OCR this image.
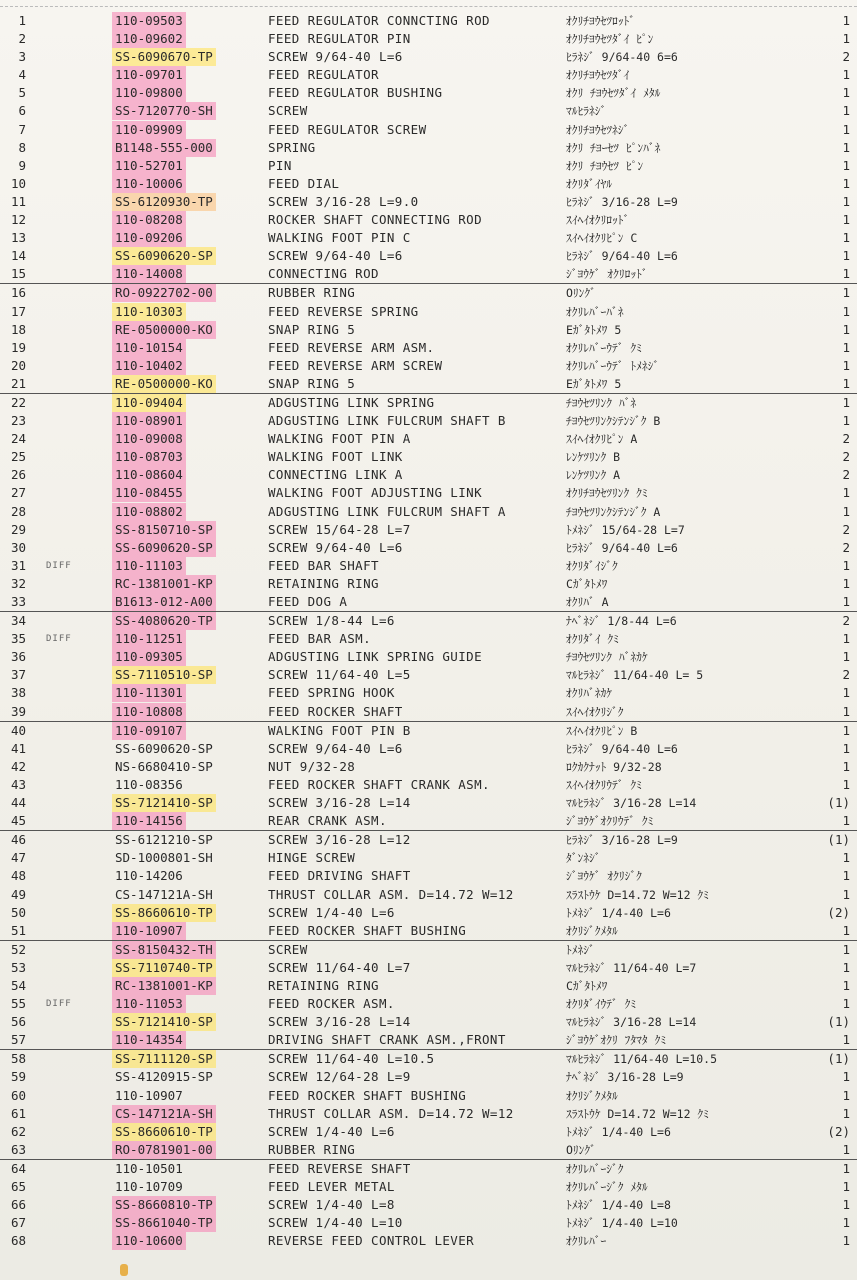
1	110-09503	FEED REGULATOR CONNCTING ROD	ｵｸﾘﾁﾖｳｾﾂﾛｯﾄﾞ	1
2	110-09602	FEED REGULATOR PIN	ｵｸﾘﾁﾖｳｾﾂﾀﾞｲ ﾋﾟﾝ	1
3	SS-6090670-TP	SCREW 9/64-40 L=6	ﾋﾗﾈｼﾞ 9/64-40 6=6	2
4	110-09701	FEED REGULATOR	ｵｸﾘﾁﾖｳｾﾂﾀﾞｲ	1
5	110-09800	FEED REGULATOR BUSHING	ｵｸﾘ ﾁﾖｳｾﾂﾀﾞｲ ﾒﾀﾙ	1
6	SS-7120770-SH	SCREW	ﾏﾙﾋﾗﾈｼﾞ	1
7	110-09909	FEED REGULATOR SCREW	ｵｸﾘﾁﾖｳｾﾂﾈｼﾞ	1
8	B1148-555-000	SPRING	ｵｸﾘ ﾁﾖｰｾﾂ ﾋﾟﾝﾊﾞﾈ	1
9	110-52701	PIN	ｵｸﾘ ﾁﾖｳｾﾂ ﾋﾟﾝ	1
10	110-10006	FEED DIAL	ｵｸﾘﾀﾞｲﾔﾙ	1
11	SS-6120930-TP	SCREW 3/16-28 L=9.0	ﾋﾗﾈｼﾞ 3/16-28 L=9	1
12	110-08208	ROCKER SHAFT CONNECTING ROD	ｽｲﾍｲｵｸﾘﾛｯﾄﾞ	1
13	110-09206	WALKING FOOT PIN C	ｽｲﾍｲｵｸﾘﾋﾟﾝ C	1
14	SS-6090620-SP	SCREW 9/64-40 L=6	ﾋﾗﾈｼﾞ 9/64-40 L=6	1
15	110-14008	CONNECTING ROD	ｼﾞﾖｳｹﾞ ｵｸﾘﾛｯﾄﾞ	1
16	RO-0922702-00	RUBBER RING	Oﾘﾝｸﾞ	1
17	110-10303	FEED REVERSE SPRING	ｵｸﾘﾚﾊﾞｰﾊﾞﾈ	1
18	RE-0500000-KO	SNAP RING 5	Eｶﾞﾀﾄﾒﾜ 5	1
19	110-10154	FEED REVERSE ARM ASM.	ｵｸﾘﾚﾊﾞｰｳﾃﾞ ｸﾐ	1
20	110-10402	FEED REVERSE ARM SCREW	ｵｸﾘﾚﾊﾞｰｳﾃﾞ ﾄﾒﾈｼﾞ	1
21	RE-0500000-KO	SNAP RING 5	Eｶﾞﾀﾄﾒﾜ 5	1
22	110-09404	ADGUSTING LINK SPRING	ﾁﾖｳｾﾂﾘﾝｸ ﾊﾞﾈ	1
23	110-08901	ADGUSTING LINK FULCRUM SHAFT B	ﾁﾖｳｾﾂﾘﾝｸｼﾃﾝｼﾞｸ B	1
24	110-09008	WALKING FOOT PIN A	ｽｲﾍｲｵｸﾘﾋﾟﾝ A	2
25	110-08703	WALKING FOOT LINK	ﾚﾝｹﾂﾘﾝｸ B	2
26	110-08604	CONNECTING LINK A	ﾚﾝｹﾂﾘﾝｸ A	2
27	110-08455	WALKING FOOT ADJUSTING LINK	ｵｸﾘﾁﾖｳｾﾂﾘﾝｸ ｸﾐ	1
28	110-08802	ADGUSTING LINK FULCRUM SHAFT A	ﾁﾖｳｾﾂﾘﾝｸｼﾃﾝｼﾞｸ A	1
29	SS-8150710-SP	SCREW 15/64-28 L=7	ﾄﾒﾈｼﾞ 15/64-28 L=7	2
30	SS-6090620-SP	SCREW 9/64-40 L=6	ﾋﾗﾈｼﾞ 9/64-40 L=6	2
31 DIFF	110-11103	FEED BAR SHAFT	ｵｸﾘﾀﾞｲｼﾞｸ	1
32	RC-1381001-KP	RETAINING RING	Cｶﾞﾀﾄﾒﾜ	1
33	B1613-012-A00	FEED DOG A	ｵｸﾘﾊﾞ A	1
34	SS-4080620-TP	SCREW 1/8-44 L=6	ﾅﾍﾞﾈｼﾞ 1/8-44 L=6	2
35 DIFF	110-11251	FEED BAR ASM.	ｵｸﾘﾀﾞｲ ｸﾐ	1
36	110-09305	ADGUSTING LINK SPRING GUIDE	ﾁﾖｳｾﾂﾘﾝｸ ﾊﾞﾈｶｹ	1
37	SS-7110510-SP	SCREW 11/64-40 L=5	ﾏﾙﾋﾗﾈｼﾞ 11/64-40 L= 5	2
38	110-11301	FEED SPRING HOOK	ｵｸﾘﾊﾞﾈｶｹ	1
39	110-10808	FEED ROCKER SHAFT	ｽｲﾍｲｵｸﾘｼﾞｸ	1
40	110-09107	WALKING FOOT PIN B	ｽｲﾍｲｵｸﾘﾋﾟﾝ B	1
41	SS-6090620-SP	SCREW 9/64-40 L=6	ﾋﾗﾈｼﾞ 9/64-40 L=6	1
42	NS-6680410-SP	NUT 9/32-28	ﾛｸｶｸﾅｯﾄ 9/32-28	1
43	110-08356	FEED ROCKER SHAFT CRANK ASM.	ｽｲﾍｲｵｸﾘｳﾃﾞ ｸﾐ	1
44	SS-7121410-SP	SCREW 3/16-28 L=14	ﾏﾙﾋﾗﾈｼﾞ 3/16-28 L=14	(1)
45	110-14156	REAR CRANK ASM.	ｼﾞﾖｳｹﾞｵｸﾘｳﾃﾞ ｸﾐ	1
46	SS-6121210-SP	SCREW 3/16-28 L=12	ﾋﾗﾈｼﾞ 3/16-28 L=9	(1)
47	SD-1000801-SH	HINGE SCREW	ﾀﾞﾝﾈｼﾞ	1
48	110-14206	FEED DRIVING SHAFT	ｼﾞﾖｳｹﾞ ｵｸﾘｼﾞｸ	1
49	CS-147121A-SH	THRUST COLLAR ASM. D=14.72 W=12	ｽﾗｽﾄｳｹ D=14.72 W=12 ｸﾐ	1
50	SS-8660610-TP	SCREW 1/4-40 L=6	ﾄﾒﾈｼﾞ 1/4-40 L=6	(2)
51	110-10907	FEED ROCKER SHAFT BUSHING	ｵｸﾘｼﾞｸﾒﾀﾙ	1
52	SS-8150432-TH	SCREW	ﾄﾒﾈｼﾞ	1
53	SS-7110740-TP	SCREW 11/64-40 L=7	ﾏﾙﾋﾗﾈｼﾞ 11/64-40 L=7	1
54	RC-1381001-KP	RETAINING RING	Cｶﾞﾀﾄﾒﾜ	1
55 DIFF	110-11053	FEED ROCKER ASM.	ｵｸﾘﾀﾞｲｳﾃﾞ ｸﾐ	1
56	SS-7121410-SP	SCREW 3/16-28 L=14	ﾏﾙﾋﾗﾈｼﾞ 3/16-28 L=14	(1)
57	110-14354	DRIVING SHAFT CRANK ASM.,FRONT	ｼﾞﾖｳｹﾞｵｸﾘ ﾌﾀﾏﾀ ｸﾐ	1
58	SS-7111120-SP	SCREW 11/64-40 L=10.5	ﾏﾙﾋﾗﾈｼﾞ 11/64-40 L=10.5	(1)
59	SS-4120915-SP	SCREW 12/64-28 L=9	ﾅﾍﾞﾈｼﾞ 3/16-28 L=9	1
60	110-10907	FEED ROCKER SHAFT BUSHING	ｵｸﾘｼﾞｸﾒﾀﾙ	1
61	CS-147121A-SH	THRUST COLLAR ASM. D=14.72 W=12	ｽﾗｽﾄｳｹ D=14.72 W=12 ｸﾐ	1
62	SS-8660610-TP	SCREW 1/4-40 L=6	ﾄﾒﾈｼﾞ 1/4-40 L=6	(2)
63	RO-0781901-00	RUBBER RING	Oﾘﾝｸﾞ	1
64	110-10501	FEED REVERSE SHAFT	ｵｸﾘﾚﾊﾞｰｼﾞｸ	1
65	110-10709	FEED LEVER METAL	ｵｸﾘﾚﾊﾞｰｼﾞｸ ﾒﾀﾙ	1
66	SS-8660810-TP	SCREW 1/4-40 L=8	ﾄﾒﾈｼﾞ 1/4-40 L=8	1
67	SS-8661040-TP	SCREW 1/4-40 L=10	ﾄﾒﾈｼﾞ 1/4-40 L=10	1
68	110-10600	REVERSE FEED CONTROL LEVER	ｵｸﾘﾚﾊﾞｰ	1
